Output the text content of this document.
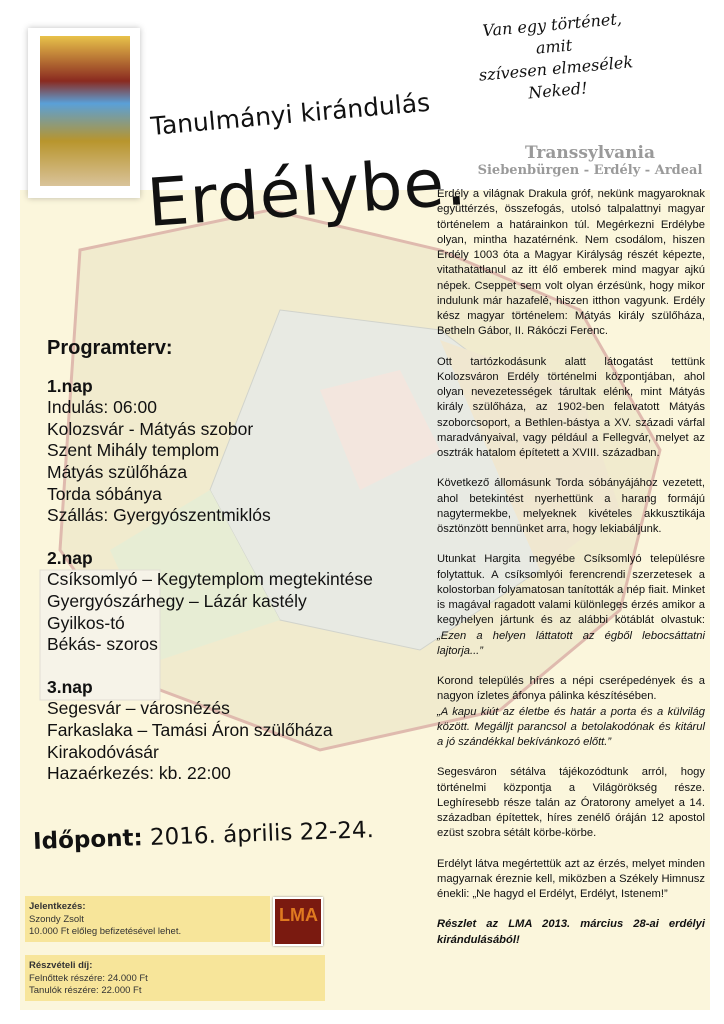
Transsylvania
Siebenbürgen - Erdély - Ardeal
Tanulmányi kirándulás
Erdélybe.
Van egy történet,
amit
szívesen elmesélek
Neked!
Programterv:
1.nap
Indulás: 06:00
Kolozsvár - Mátyás szobor
Szent Mihály templom
Mátyás szülőháza
Torda sóbánya
Szállás: Gyergyószentmiklós
2.nap
Csíksomlyó – Kegytemplom megtekintése
Gyergyószárhegy – Lázár kastély
Gyilkos-tó
Békás- szoros
3.nap
Segesvár – városnézés
Farkaslaka – Tamási Áron szülőháza
Kirakodóvásár
Hazaérkezés: kb. 22:00
Időpont: 2016. április 22-24.
Jelentkezés:
Szondy Zsolt
10.000 Ft előleg befizetésével lehet.
LMA
Részvételi díj:
Felnőttek részére: 24.000 Ft
Tanulók részére: 22.000 Ft

Erdély a világnak Drakula gróf, nekünk magyaroknak együttérzés, összefogás, utolsó talpalattnyi magyar történelem a határainkon túl. Megérkezni Erdélybe olyan, mintha hazatérnénk. Nem csodálom, hiszen Erdély 1003 óta a Magyar Királyság részét képezte, vitathatatlanul az itt élő emberek mind magyar ajkú népek. Cseppet sem volt olyan érzésünk, hogy mikor indulunk már hazafelé, hiszen itthon vagyunk. Erdély kész magyar történelem: Mátyás király szülőháza, Betheln Gábor, II. Rákóczi Ferenc.

Ott tartózkodásunk alatt látogatást tettünk Kolozsváron Erdély történelmi központjában, ahol olyan nevezetességek tárultak elénk, mint Mátyás király szülőháza, az 1902-ben felavatott Mátyás szoborcsoport, a Bethlen-bástya a XV. századi várfal maradványaival, vagy például a Fellegvár, melyet az osztrák hatalom építetett a XVIII. században.

Következő állomásunk Torda sóbányájához vezetett, ahol betekintést nyerhettünk a harang formájú nagytermekbe, melyeknek kivételes akkusztikája ösztönzött bennünket arra, hogy lekiabáljunk.

Utunkat Hargita megyébe Csíksomlyó településre folytattuk. A csíksomlyói ferencrendi szerzetesek a kolostorban folyamatosan tanították a nép fiait. Minket is magával ragadott valami különleges érzés amikor a kegyhelyen jártunk és az alábbi kötáblát olvastuk: „Ezen a helyen láttatott az égből lebocsáttatni lajtorja...”

Korond település híres a népi cserépedények és a nagyon ízletes áfonya pálinka készítésében.
„A kapu kiút az életbe és határ a porta és a külvilág között. Megálljt parancsol a betolakodónak és kitárul a jó szándékkal bekívánkozó előtt.”

Segesváron sétálva tájékozódtunk arról, hogy történelmi központja a Világörökség része. Leghíresebb része talán az Óratorony amelyet a 14. században építettek, híres zenélő óráján 12 apostol ezüst szobra sétált körbe-körbe.

Erdélyt látva megértettük azt az érzés, melyet minden magyarnak éreznie kell, miközben a Székely Himnusz énekli: „Ne hagyd el Erdélyt, Erdélyt, Istenem!”

Részlet az LMA 2013. március 28-ai erdélyi kirándulásából!
